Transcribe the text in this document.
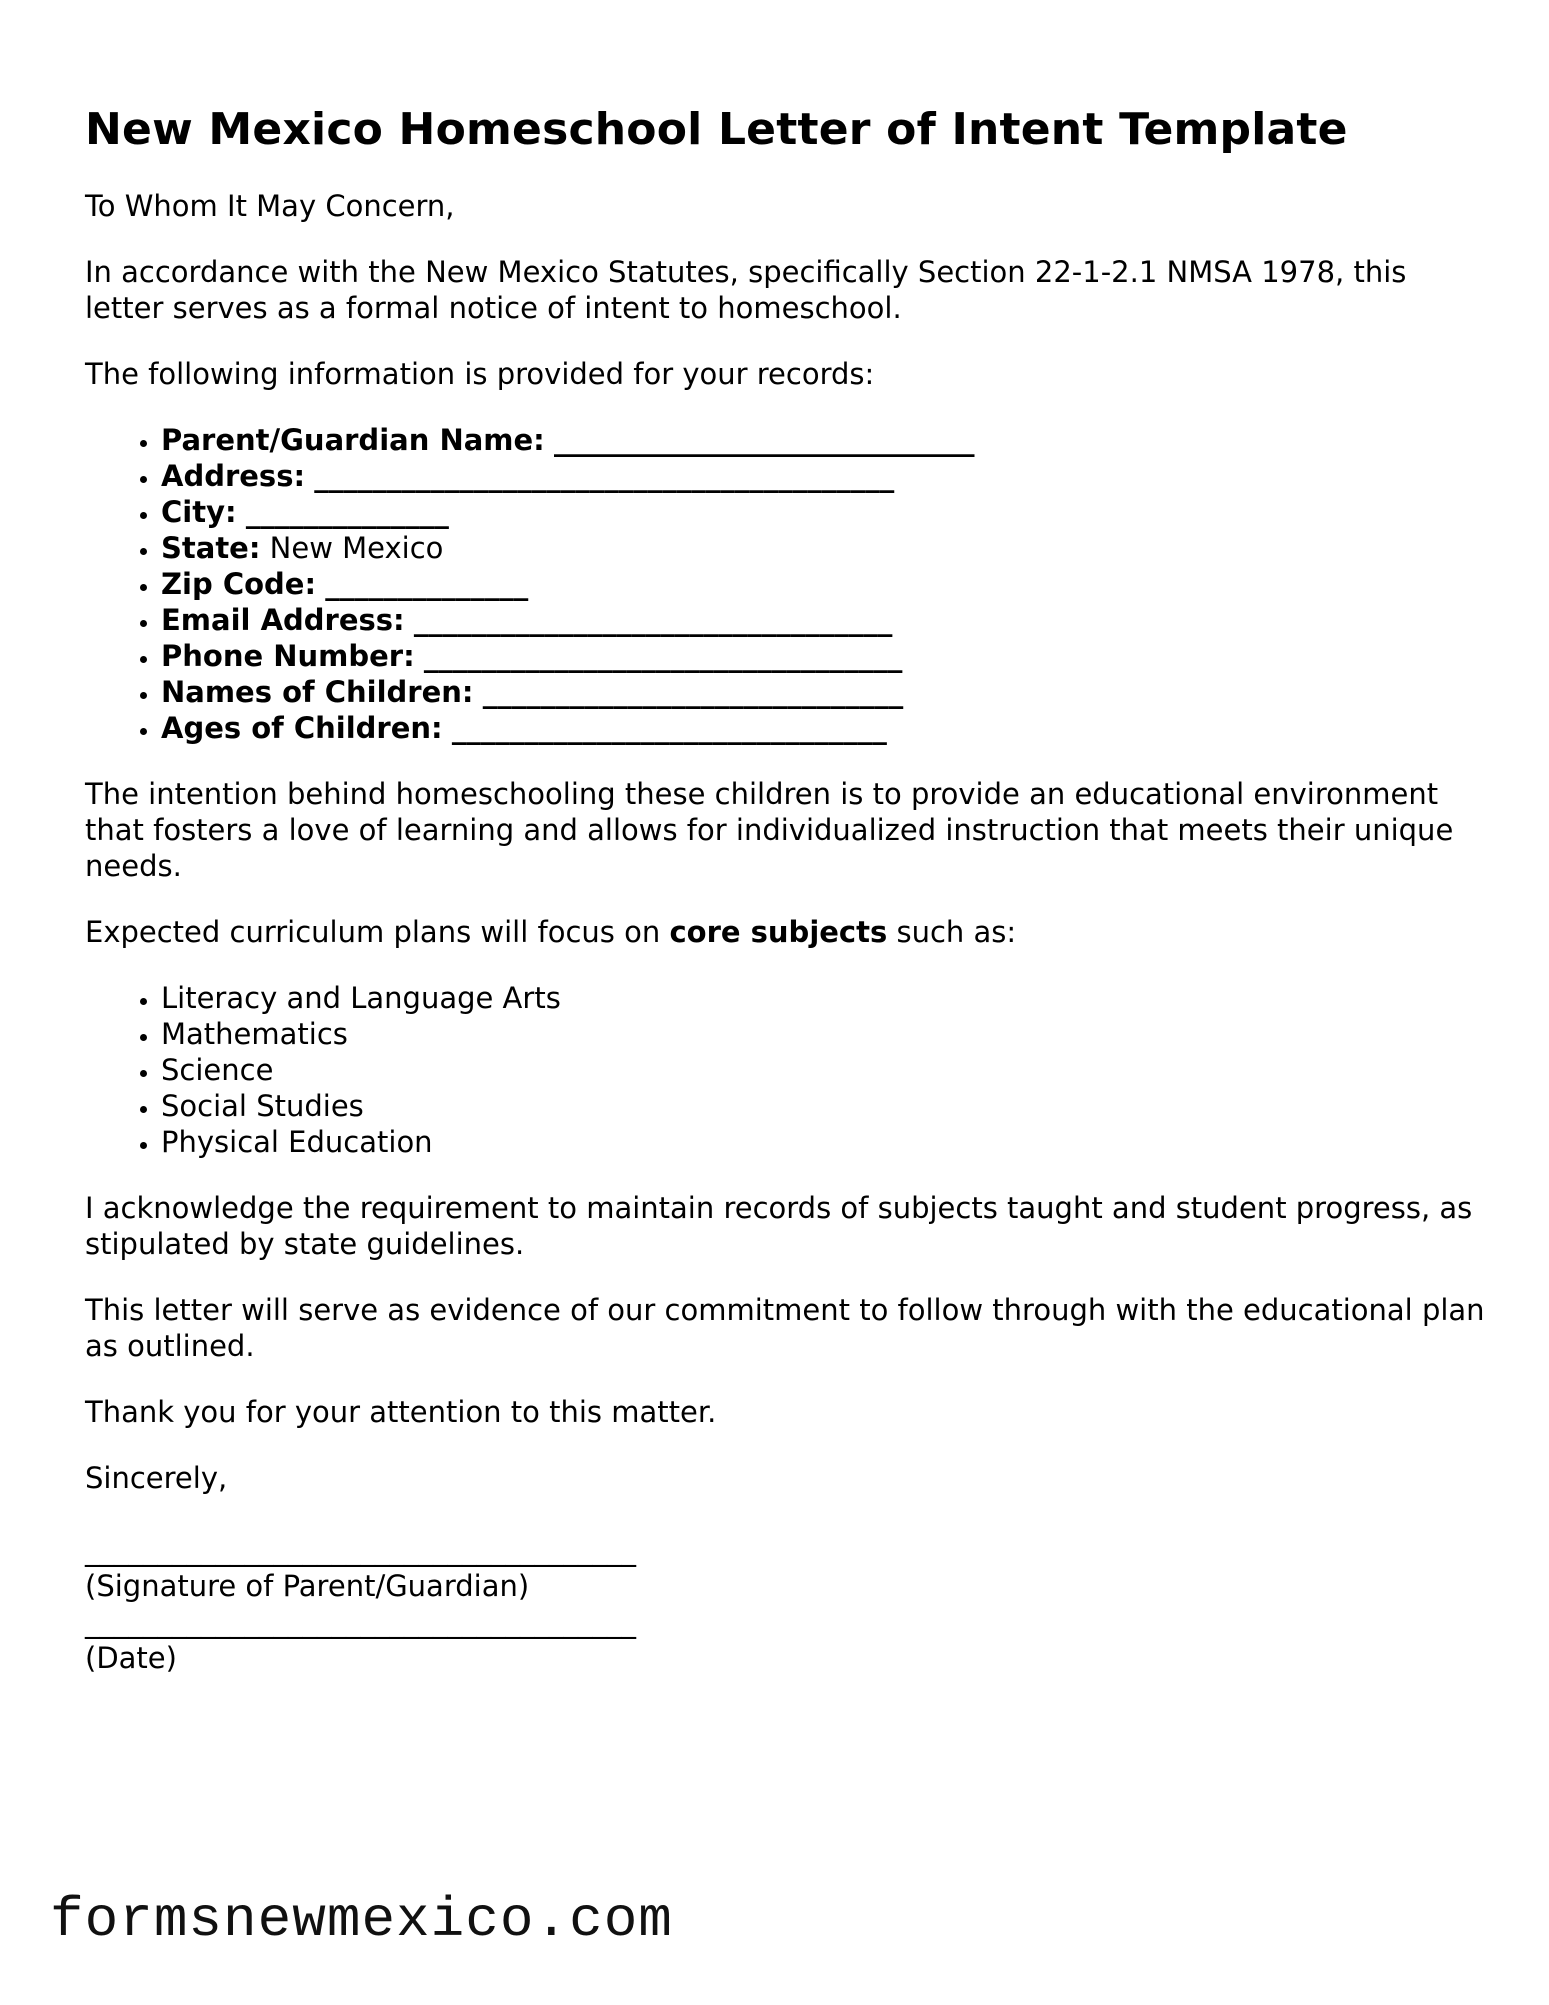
New Mexico Homeschool Letter of Intent Template

To Whom It May Concern,

In accordance with the New Mexico Statutes, specifically Section 22-1-2.1 NMSA 1978, this letter serves as a formal notice of intent to homeschool.

The following information is provided for your records:

• Parent/Guardian Name: _____________________________
• Address: ________________________________________
• City: ______________
• State: New Mexico
• Zip Code: ______________
• Email Address: _________________________________
• Phone Number: _________________________________
• Names of Children: _____________________________
• Ages of Children: ______________________________

The intention behind homeschooling these children is to provide an educational environment that fosters a love of learning and allows for individualized instruction that meets their unique needs.

Expected curriculum plans will focus on core subjects such as:

• Literacy and Language Arts
• Mathematics
• Science
• Social Studies
• Physical Education

I acknowledge the requirement to maintain records of subjects taught and student progress, as stipulated by state guidelines.

This letter will serve as evidence of our commitment to follow through with the educational plan as outlined.

Thank you for your attention to this matter.

Sincerely,

______________________________________
(Signature of Parent/Guardian)
______________________________________
(Date)
formsnewmexico.com
